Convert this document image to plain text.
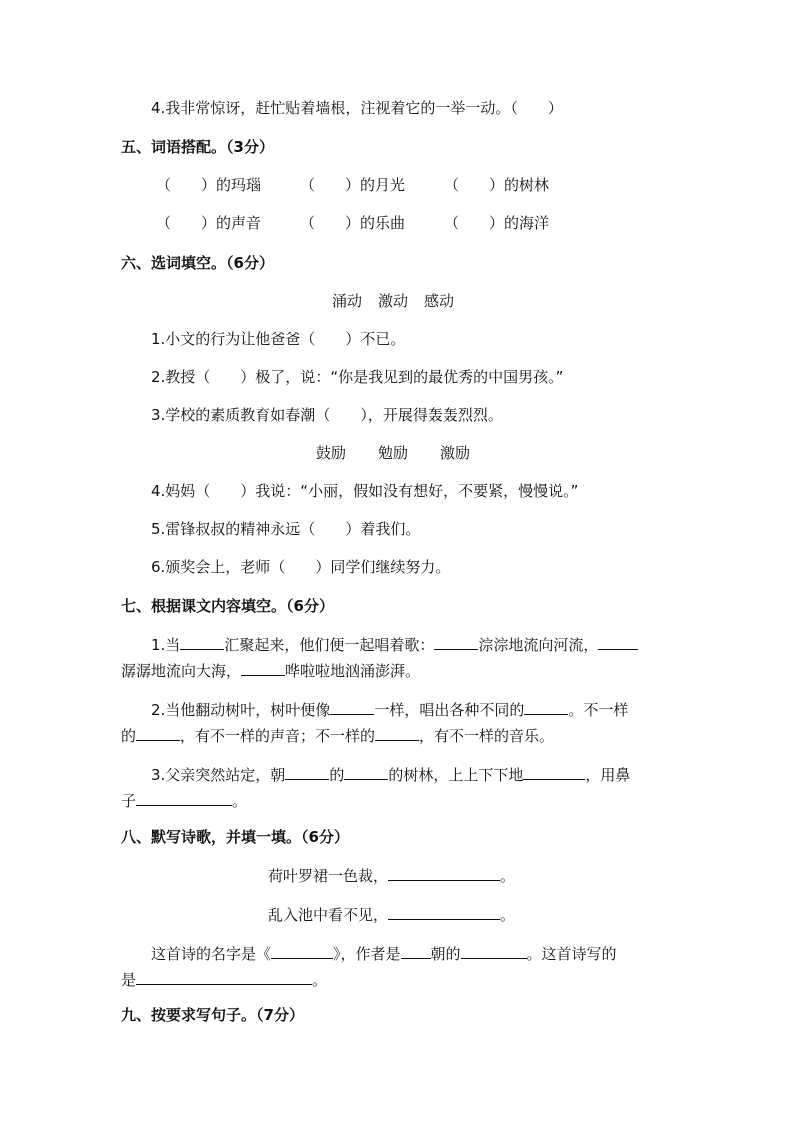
4.我非常惊讶，赶忙贴着墙根，注视着它的一举一动。（　　）
五、词语搭配。（3分）
（　　）的玛瑙	（　　）的月光	（　　）的树林
（　　）的声音	（　　）的乐曲	（　　）的海洋
六、选词填空。（6分）
涌动 激动 感动
1.小文的行为让他爸爸（　　）不已。
2.教授（　　）极了，说：“你是我见到的最优秀的中国男孩。”
3.学校的素质教育如春潮（　　），开展得轰轰烈烈。
鼓励 勉励 激励
4.妈妈（　　）我说：“小丽，假如没有想好，不要紧，慢慢说。”
5.雷锋叔叔的精神永远（　　）着我们。
6.颁奖会上，老师（　　）同学们继续努力。
七、根据课文内容填空。（6分）
1.当	汇聚起来，他们便一起唱着歌：	淙淙地流向河流，
潺潺地流向大海，	哗啦啦地汹涌澎湃。
2.当他翻动树叶，树叶便像	一样，唱出各种不同的	。不一样
的	，有不一样的声音；不一样的	，有不一样的音乐。
3.父亲突然站定，朝	的	的树林，上上下下地	，用鼻
子	。
八、默写诗歌，并填一填。（6分）
荷叶罗裙一色裁，	。
乱入池中看不见，	。
这首诗的名字是《	》，作者是 朝的	。这首诗写的
是	。
九、按要求写句子。（7分）
